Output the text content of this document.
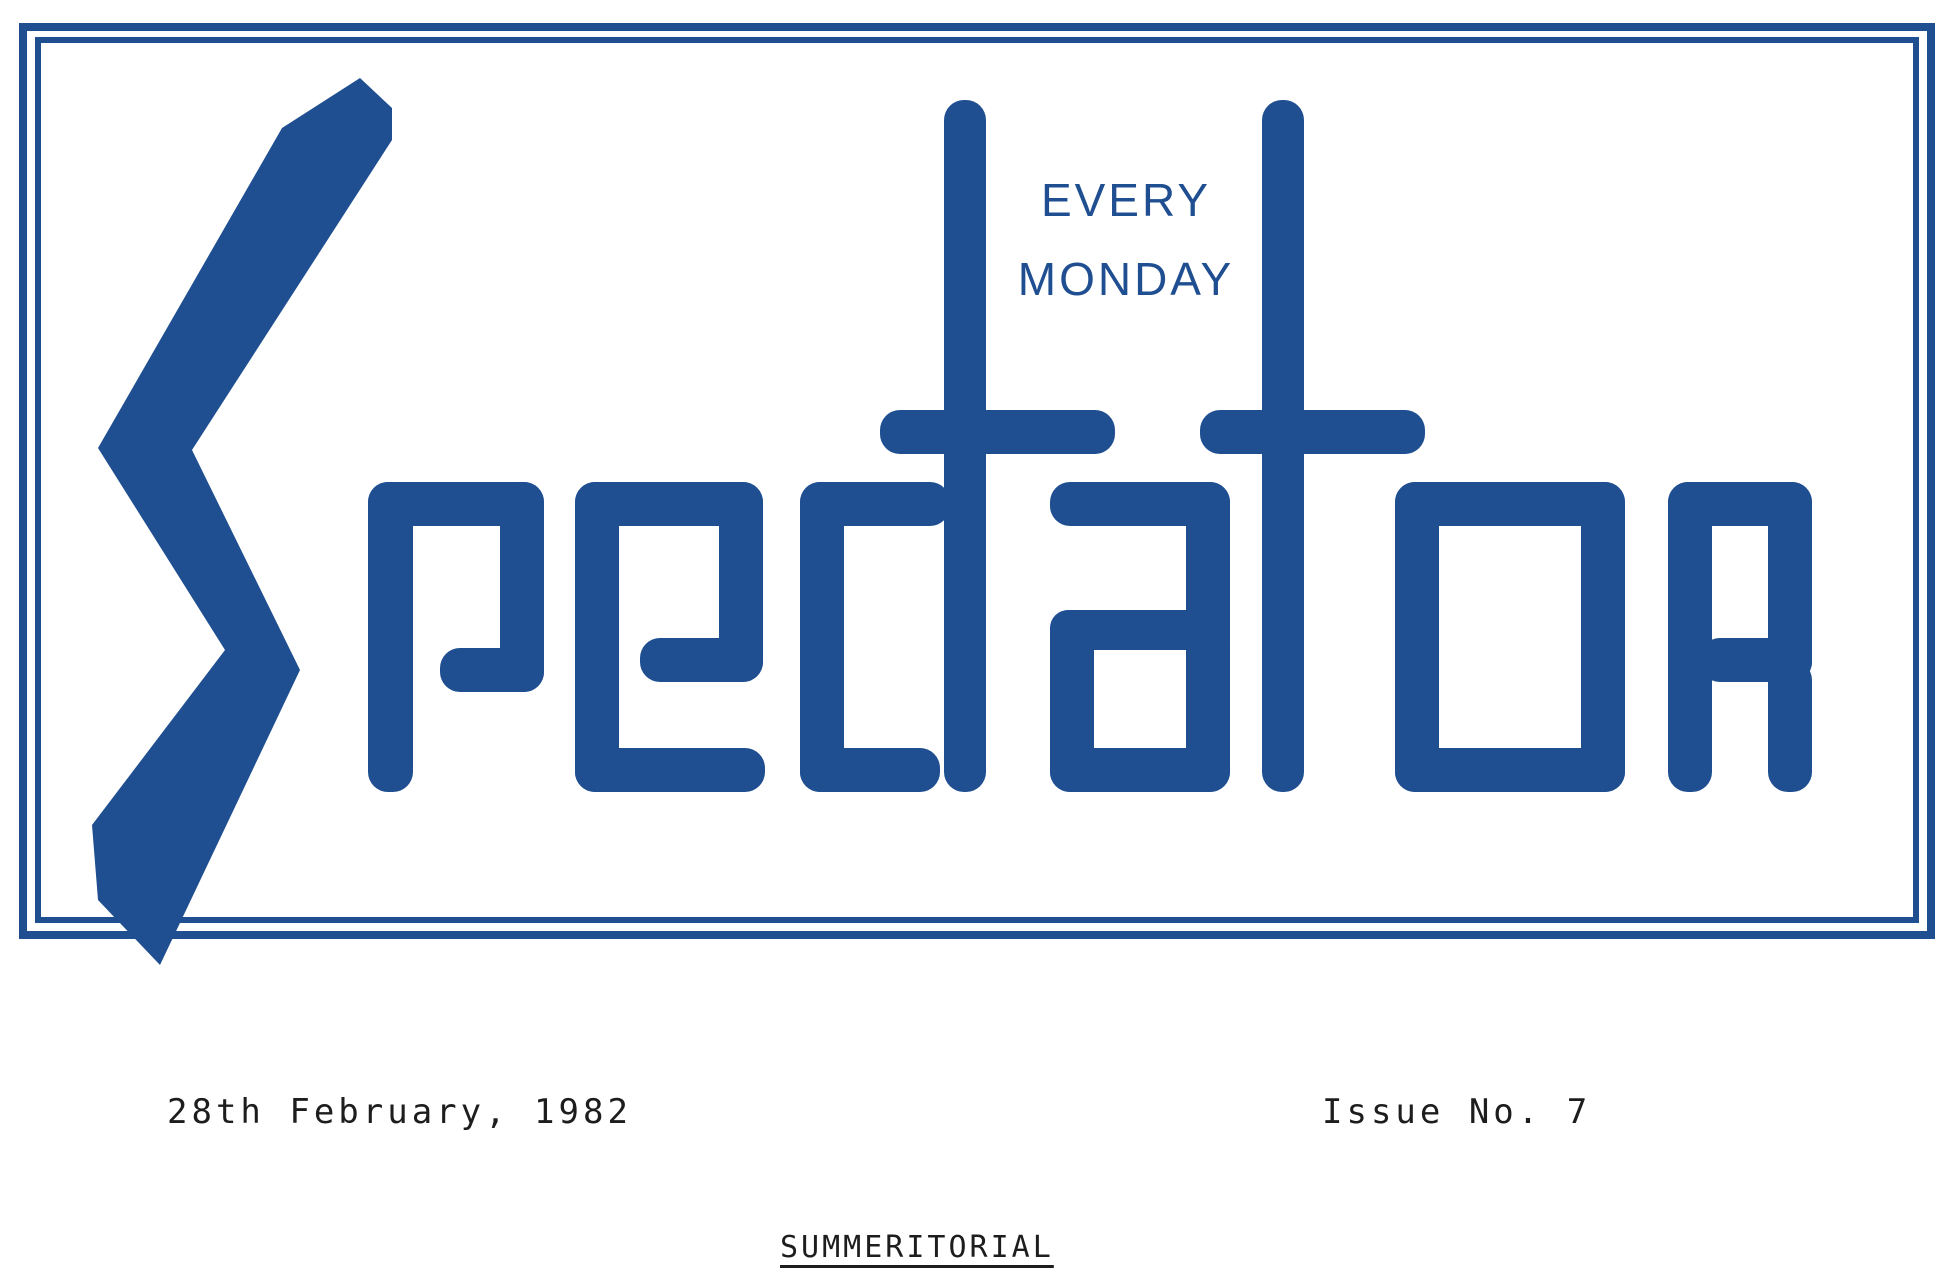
EVERY
MONDAY
28th February, 1982	Issue No. 7
SUMMERITORIAL
